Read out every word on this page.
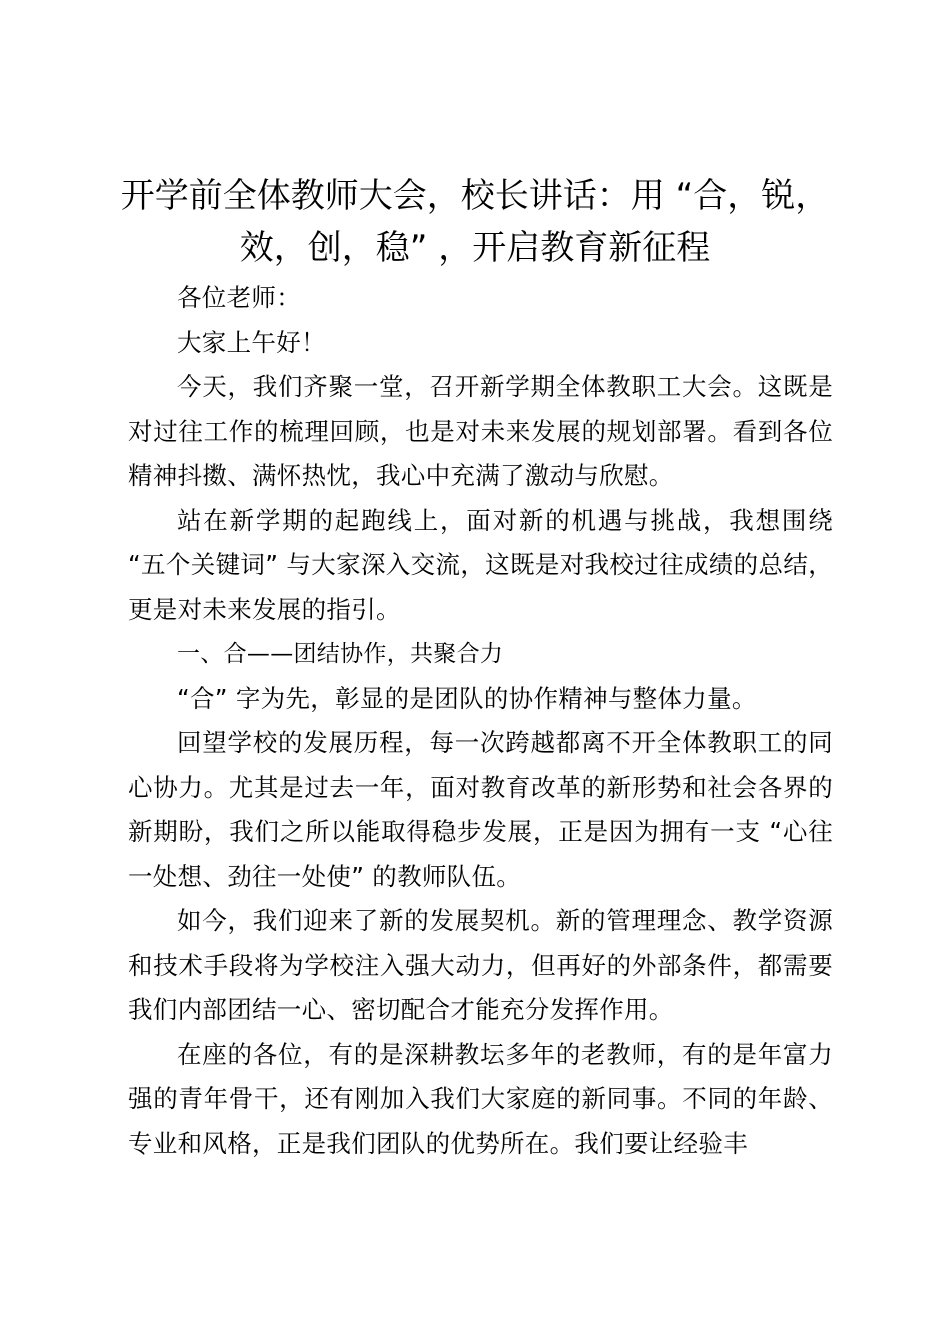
开学前全体教师大会，校长讲话：用 “合，锐，效，创，稳” ，开启教育新征程

各位老师：

大家上午好！

今天，我们齐聚一堂，召开新学期全体教职工大会。这既是对过往工作的梳理回顾，也是对未来发展的规划部署。看到各位精神抖擞、满怀热忱，我心中充满了激动与欣慰。

站在新学期的起跑线上，面对新的机遇与挑战，我想围绕 “五个关键词” 与大家深入交流，这既是对我校过往成绩的总结，更是对未来发展的指引。

一、合——团结协作，共聚合力

“合” 字为先，彰显的是团队的协作精神与整体力量。

回望学校的发展历程，每一次跨越都离不开全体教职工的同心协力。尤其是过去一年，面对教育改革的新形势和社会各界的新期盼，我们之所以能取得稳步发展，正是因为拥有一支 “心往一处想、劲往一处使” 的教师队伍。

如今，我们迎来了新的发展契机。新的管理理念、教学资源和技术手段将为学校注入强大动力，但再好的外部条件，都需要我们内部团结一心、密切配合才能充分发挥作用。

在座的各位，有的是深耕教坛多年的老教师，有的是年富力强的青年骨干，还有刚加入我们大家庭的新同事。不同的年龄、专业和风格，正是我们团队的优势所在。我们要让经验丰
